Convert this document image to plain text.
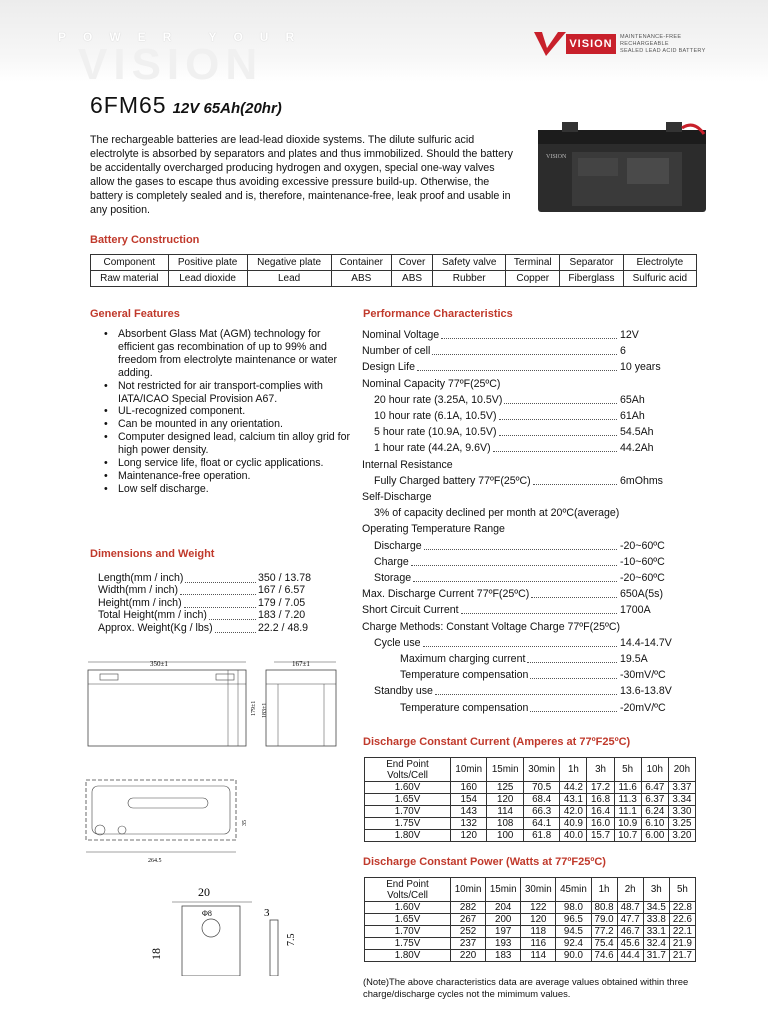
VISION
POWER YOUR	VISION
MAINTENANCE-FREE
RECHARGEABLE
SEALED LEAD ACID BATTERY
6FM65 12V 65Ah(20hr)
The rechargeable batteries are lead-lead dioxide systems. The dilute sulfuric acid electrolyte is absorbed by separators and plates and thus immobilized. Should the battery be accidentally overcharged producing hydrogen and oxygen, special one-way valves allow the gases to escape thus avoiding excessive pressure build-up. Otherwise, the battery is completely sealed and is, therefore, maintenance-free, leak proof and usable in any position.
VISION
Battery Construction
Component	Positive plate	Negative plate	Container	Cover	Safety valve	Terminal	Separator	Electrolyte
Raw material	Lead dioxide	Lead	ABS	ABS	Rubber	Copper	Fiberglass	Sulfuric acid
General Features
• Absorbent Glass Mat (AGM) technology for efficient gas recombination of up to 99% and freedom from electrolyte maintenance or water adding.
• Not restricted for air transport-complies with IATA/ICAO Special Provision A67.
• UL-recognized component.
• Can be mounted in any orientation.
• Computer designed lead, calcium tin alloy grid for high power density.
• Long service life, float or cyclic applications.
• Maintenance-free operation.
• Low self discharge.
Dimensions and Weight
Length(mm / inch)	350 / 13.78
Width(mm / inch)	167 / 6.57
Height(mm / inch)	179 / 7.05
Total Height(mm / inch)	183 / 7.20
Approx. Weight(Kg / lbs)	22.2 / 48.9
350±1
179±1 183±1
167±1
264.5
35
20
Φ8
18
3
7.5
Performance Characteristics
Nominal Voltage	12V
Number of cell	6
Design Life	10 years
Nominal Capacity 77ºF(25ºC)
20 hour rate (3.25A, 10.5V)	65Ah
10 hour rate (6.1A, 10.5V)	61Ah
5 hour rate (10.9A, 10.5V)	54.5Ah
1 hour rate (44.2A, 9.6V)	44.2Ah
Internal Resistance
Fully Charged battery 77ºF(25ºC)	6mOhms
Self-Discharge
3% of capacity declined per month at 20ºC(average)
Operating Temperature Range
Discharge	-20~60ºC
Charge	-10~60ºC
Storage	-20~60ºC
Max. Discharge Current 77ºF(25ºC)	650A(5s)
Short Circuit Current	1700A
Charge Methods: Constant Voltage Charge 77ºF(25ºC)
Cycle use	14.4-14.7V
Maximum charging current	19.5A
Temperature compensation	-30mV/ºC
Standby use	13.6-13.8V
Temperature compensation	-20mV/ºC
Discharge Constant Current (Amperes at 77ºF25ºC)
End Point Volts/Cell	10min	15min	30min	1h	3h	5h	10h	20h
1.60V	160	125	70.5	44.2	17.2	11.6	6.47	3.37
1.65V	154	120	68.4	43.1	16.8	11.3	6.37	3.34
1.70V	143	114	66.3	42.0	16.4	11.1	6.24	3.30
1.75V	132	108	64.1	40.9	16.0	10.9	6.10	3.25
1.80V	120	100	61.8	40.0	15.7	10.7	6.00	3.20
Discharge Constant Power (Watts at 77ºF25ºC)
End Point Volts/Cell	10min	15min	30min	45min	1h	2h	3h	5h
1.60V	282	204	122	98.0	80.8	48.7	34.5	22.8
1.65V	267	200	120	96.5	79.0	47.7	33.8	22.6
1.70V	252	197	118	94.5	77.2	46.7	33.1	22.1
1.75V	237	193	116	92.4	75.4	45.6	32.4	21.9
1.80V	220	183	114	90.0	74.6	44.4	31.7	21.7
(Note)The above characteristics data are average values obtained within three charge/discharge cycles not the mimimum values.
